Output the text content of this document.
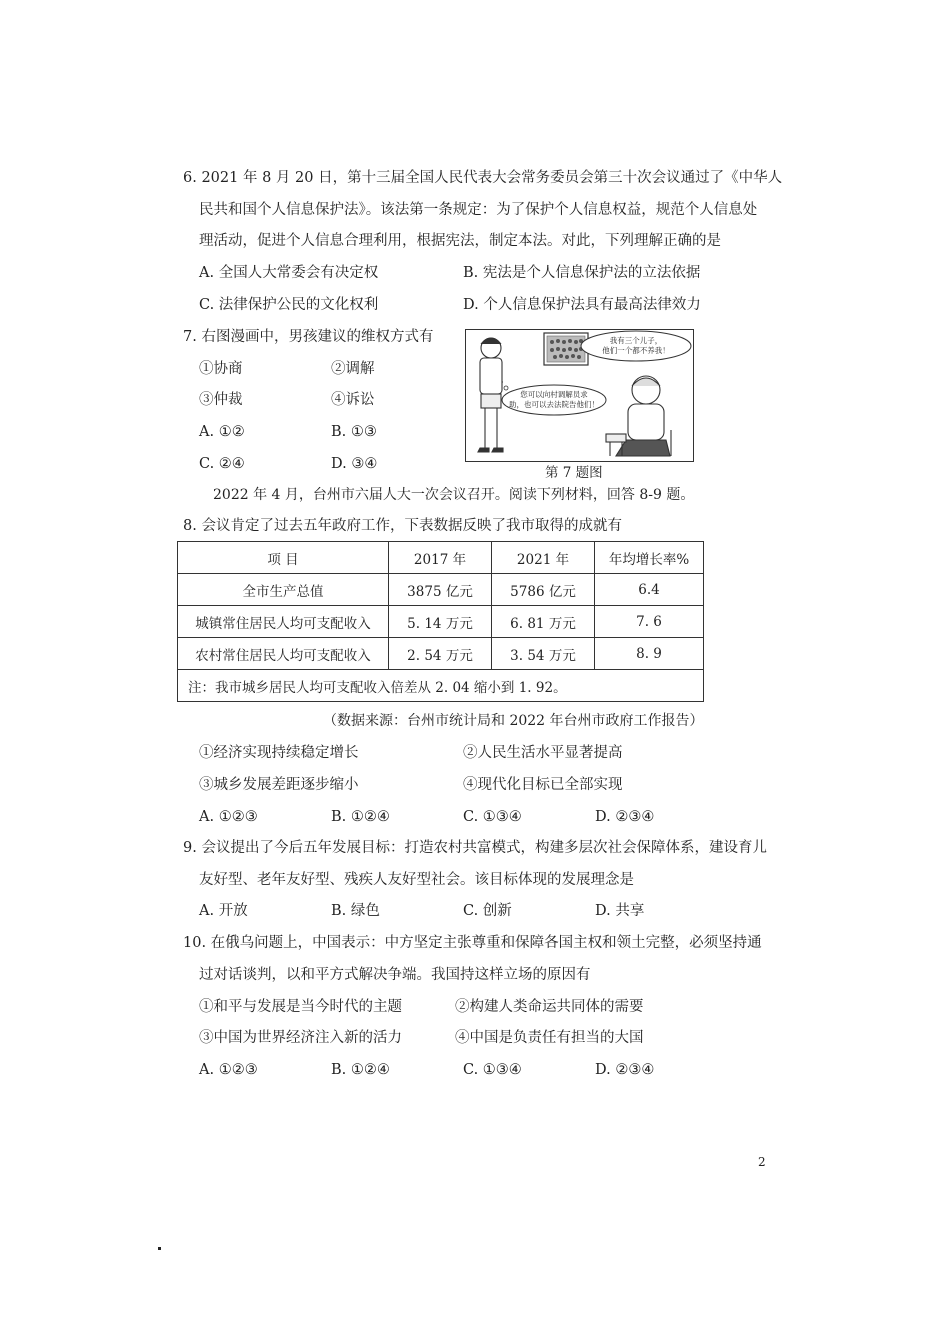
6. 2021 年 8 月 20 日，第十三届全国人民代表大会常务委员会第三十次会议通过了《中华人
民共和国个人信息保护法》。该法第一条规定：为了保护个人信息权益，规范个人信息处
理活动，促进个人信息合理利用，根据宪法，制定本法。对此，下列理解正确的是
A. 全国人大常委会有决定权	B. 宪法是个人信息保护法的立法依据
C. 法律保护公民的文化权利	D. 个人信息保护法具有最高法律效力
7. 右图漫画中，男孩建议的维权方式有
①协商	②调解
③仲裁	④诉讼
A. ①②	B. ①③
C. ②④	D. ③④
我有三个儿子，
他们一个都不养我！
您可以向村调解员求
助，也可以去法院告他们！
第 7 题图
2022 年 4 月，台州市六届人大一次会议召开。阅读下列材料，回答 8-9 题。
8. 会议肯定了过去五年政府工作，下表数据反映了我市取得的成就有
项 目	2017 年	2021 年	年均增长率%
全市生产总值	3875 亿元	5786 亿元	6.4
城镇常住居民人均可支配收入	5. 14 万元	6. 81 万元	7. 6
农村常住居民人均可支配收入	2. 54 万元	3. 54 万元	8. 9
注：我市城乡居民人均可支配收入倍差从 2. 04 缩小到 1. 92。			
（数据来源：台州市统计局和 2022 年台州市政府工作报告）
①经济实现持续稳定增长	②人民生活水平显著提高
③城乡发展差距逐步缩小	④现代化目标已全部实现
A. ①②③	B. ①②④	C. ①③④	D. ②③④
9. 会议提出了今后五年发展目标：打造农村共富模式，构建多层次社会保障体系，建设育儿
友好型、老年友好型、残疾人友好型社会。该目标体现的发展理念是
A. 开放	B. 绿色	C. 创新	D. 共享
10. 在俄乌问题上，中国表示：中方坚定主张尊重和保障各国主权和领土完整，必须坚持通
过对话谈判，以和平方式解决争端。我国持这样立场的原因有
①和平与发展是当今时代的主题	②构建人类命运共同体的需要
③中国为世界经济注入新的活力	④中国是负责任有担当的大国
A. ①②③	B. ①②④	C. ①③④	D. ②③④
2
